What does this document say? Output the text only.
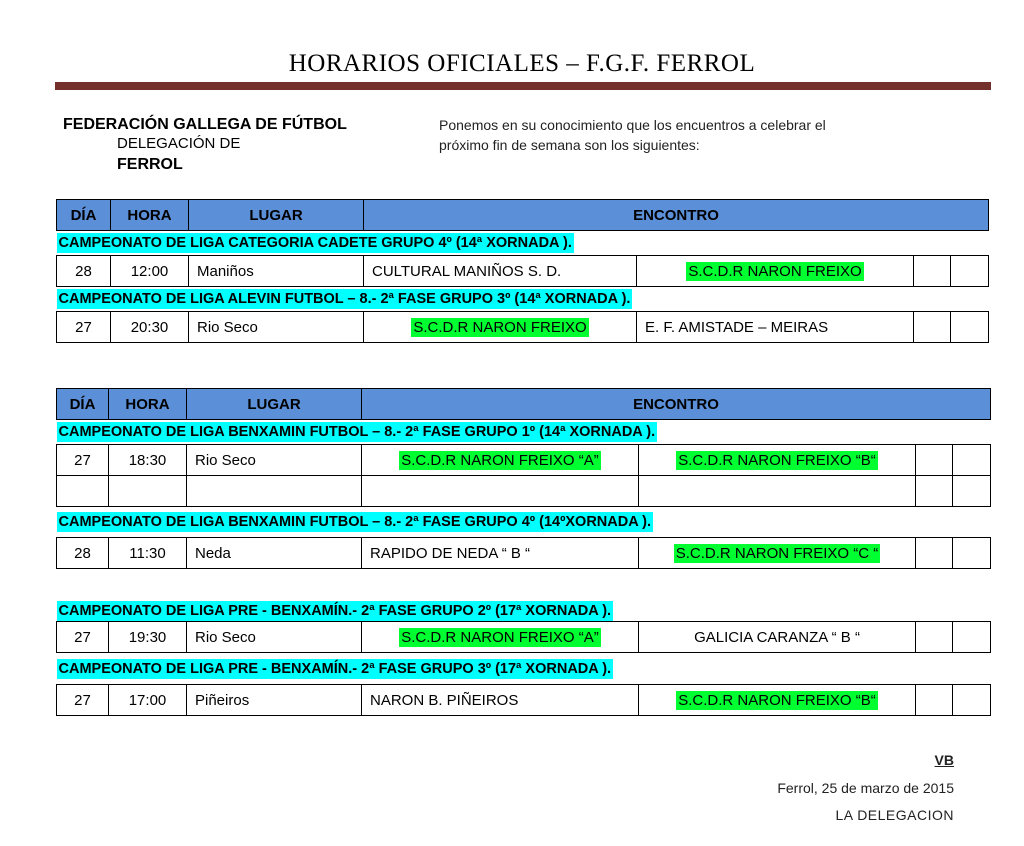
HORARIOS OFICIALES – F.G.F. FERROL
FEDERACIÓN GALLEGA DE FÚTBOL
DELEGACIÓN DE
FERROL
Ponemos en su conocimiento que los encuentros a celebrar el
próximo fin de semana son los siguientes:
DÍA	HORA	LUGAR	ENCONTRO			
CAMPEONATO DE LIGA CATEGORIA CADETE GRUPO 4º (14ª XORNADA ).						
28	12:00	Maniños	CULTURAL MANIÑOS S. D.	S.C.D.R NARON FREIXO		
CAMPEONATO DE LIGA ALEVIN FUTBOL – 8.- 2ª FASE GRUPO 3º (14ª XORNADA ).						
27	20:30	Rio Seco	S.C.D.R NARON FREIXO	E. F. AMISTADE – MEIRAS		
DÍA	HORA	LUGAR	ENCONTRO			
CAMPEONATO DE LIGA BENXAMIN FUTBOL – 8.- 2ª FASE GRUPO 1º (14ª XORNADA ).						
27	18:30	Rio Seco	S.C.D.R NARON FREIXO “A”	S.C.D.R NARON FREIXO “B“		

CAMPEONATO DE LIGA BENXAMIN FUTBOL – 8.- 2ª FASE GRUPO 4º (14ºXORNADA ).						
28	11:30	Neda	RAPIDO DE NEDA “ B “	S.C.D.R NARON FREIXO “C “		
CAMPEONATO DE LIGA PRE - BENXAMÍN.- 2ª FASE GRUPO 2º (17ª XORNADA ).						
27	19:30	Rio Seco	S.C.D.R NARON FREIXO “A”	GALICIA CARANZA “ B “		
CAMPEONATO DE LIGA PRE - BENXAMÍN.- 2ª FASE GRUPO 3º (17ª XORNADA ).						
27	17:00	Piñeiros	NARON B. PIÑEIROS	S.C.D.R NARON FREIXO “B“		
VB
Ferrol, 25 de marzo de 2015
LA DELEGACION
